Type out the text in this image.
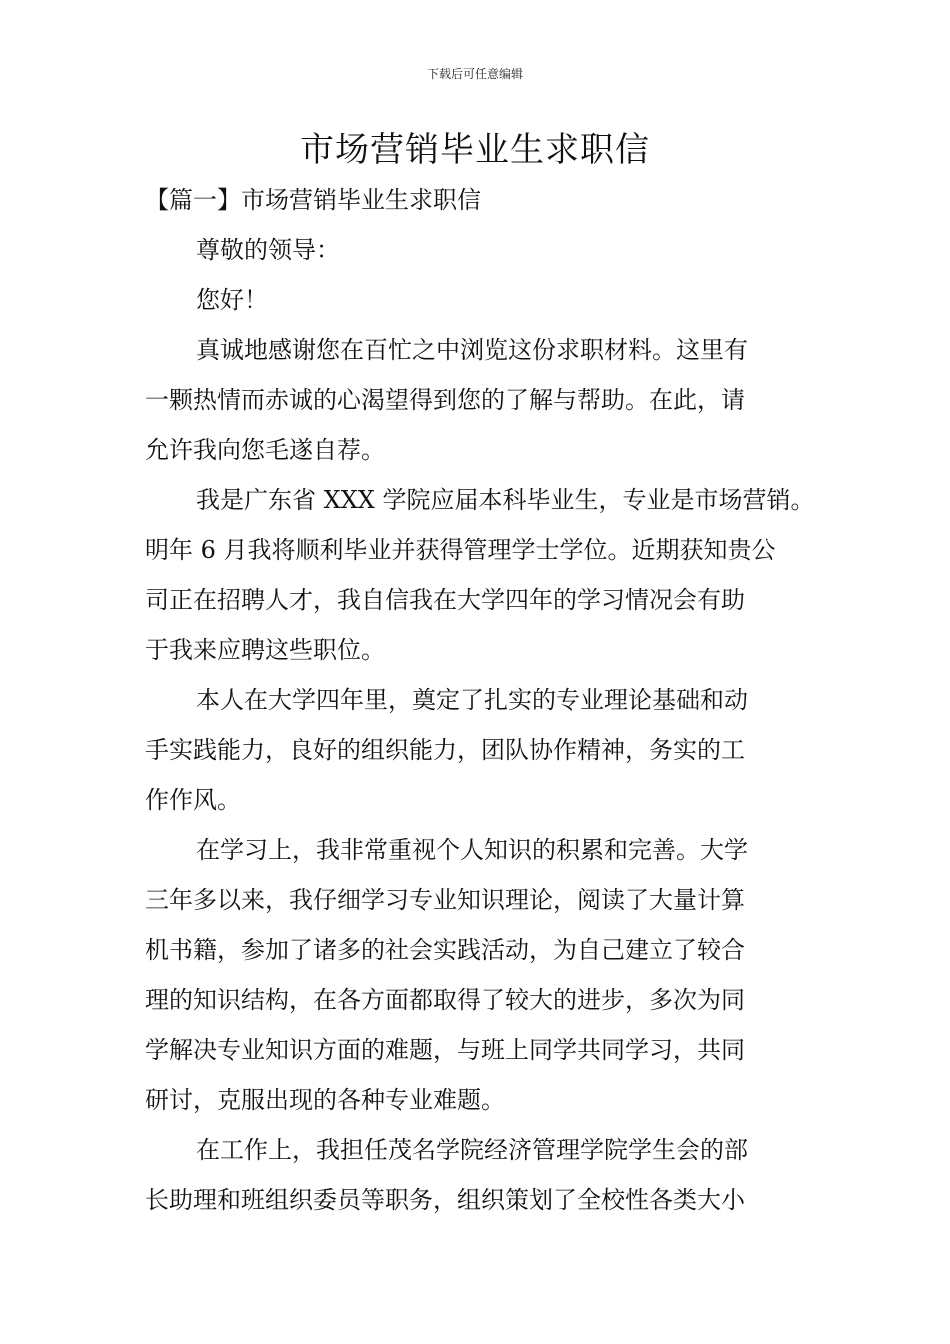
下载后可任意编辑
市场营销毕业生求职信
【篇一】市场营销毕业生求职信
尊敬的领导：
您好！
真诚地感谢您在百忙之中浏览这份求职材料。这里有
一颗热情而赤诚的心渴望得到您的了解与帮助。在此，请
允许我向您毛遂自荐。
我是广东省 XXX 学院应届本科毕业生，专业是市场营销。
明年 6 月我将顺利毕业并获得管理学士学位。近期获知贵公
司正在招聘人才，我自信我在大学四年的学习情况会有助
于我来应聘这些职位。
本人在大学四年里，奠定了扎实的专业理论基础和动
手实践能力，良好的组织能力，团队协作精神，务实的工
作作风。
在学习上，我非常重视个人知识的积累和完善。大学
三年多以来，我仔细学习专业知识理论，阅读了大量计算
机书籍，参加了诸多的社会实践活动，为自己建立了较合
理的知识结构，在各方面都取得了较大的进步，多次为同
学解决专业知识方面的难题，与班上同学共同学习，共同
研讨，克服出现的各种专业难题。
在工作上，我担任茂名学院经济管理学院学生会的部
长助理和班组织委员等职务，组织策划了全校性各类大小
